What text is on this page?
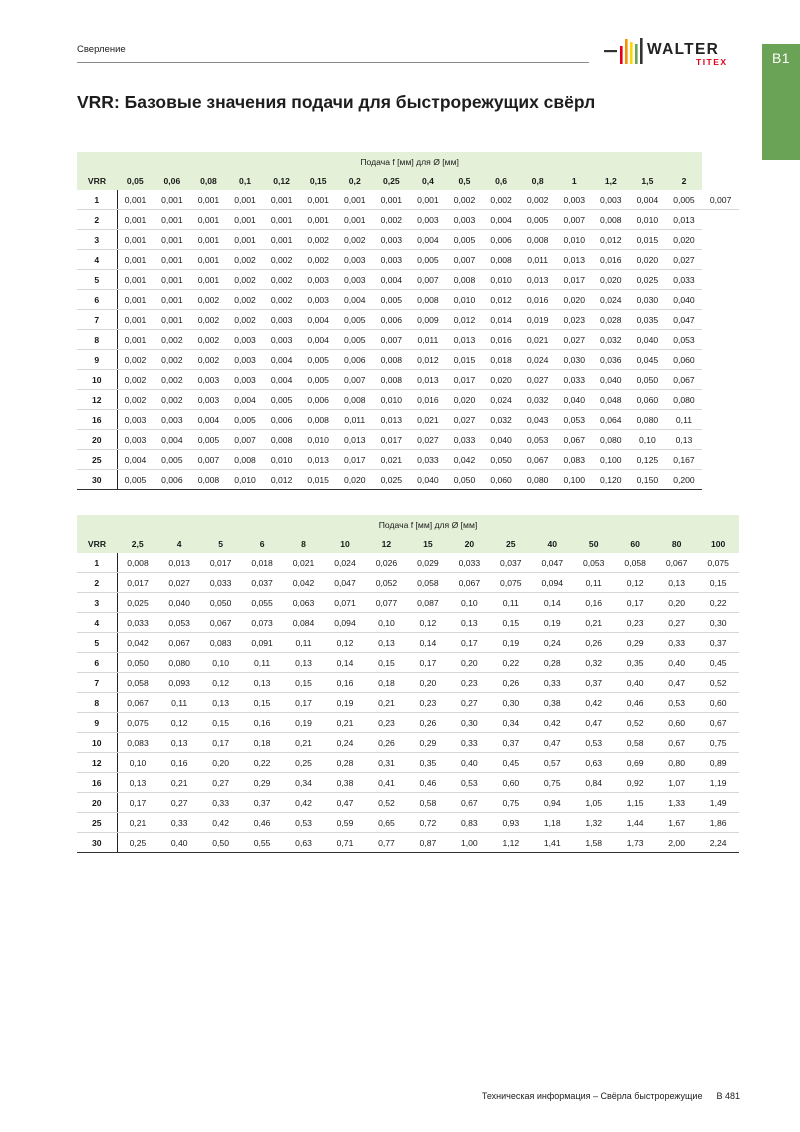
Сверление	WALTER
TITEX	B1
VRR: Базовые значения подачи для быстрорежущих свёрл
	Подача f [мм] для Ø [мм]																
VRR	0,05	0,06	0,08	0,1	0,12	0,15	0,2	0,25	0,4	0,5	0,6	0,8	1	1,2	1,5	2	
1	0,001	0,001	0,001	0,001	0,001	0,001	0,001	0,001	0,001	0,002	0,002	0,002	0,003	0,003	0,004	0,005	0,007
2	0,001	0,001	0,001	0,001	0,001	0,001	0,001	0,002	0,003	0,003	0,004	0,005	0,007	0,008	0,010	0,013	
3	0,001	0,001	0,001	0,001	0,001	0,002	0,002	0,003	0,004	0,005	0,006	0,008	0,010	0,012	0,015	0,020	
4	0,001	0,001	0,001	0,002	0,002	0,002	0,003	0,003	0,005	0,007	0,008	0,011	0,013	0,016	0,020	0,027	
5	0,001	0,001	0,001	0,002	0,002	0,003	0,003	0,004	0,007	0,008	0,010	0,013	0,017	0,020	0,025	0,033	
6	0,001	0,001	0,002	0,002	0,002	0,003	0,004	0,005	0,008	0,010	0,012	0,016	0,020	0,024	0,030	0,040	
7	0,001	0,001	0,002	0,002	0,003	0,004	0,005	0,006	0,009	0,012	0,014	0,019	0,023	0,028	0,035	0,047	
8	0,001	0,002	0,002	0,003	0,003	0,004	0,005	0,007	0,011	0,013	0,016	0,021	0,027	0,032	0,040	0,053	
9	0,002	0,002	0,002	0,003	0,004	0,005	0,006	0,008	0,012	0,015	0,018	0,024	0,030	0,036	0,045	0,060	
10	0,002	0,002	0,003	0,003	0,004	0,005	0,007	0,008	0,013	0,017	0,020	0,027	0,033	0,040	0,050	0,067	
12	0,002	0,002	0,003	0,004	0,005	0,006	0,008	0,010	0,016	0,020	0,024	0,032	0,040	0,048	0,060	0,080	
16	0,003	0,003	0,004	0,005	0,006	0,008	0,011	0,013	0,021	0,027	0,032	0,043	0,053	0,064	0,080	0,11	
20	0,003	0,004	0,005	0,007	0,008	0,010	0,013	0,017	0,027	0,033	0,040	0,053	0,067	0,080	0,10	0,13	
25	0,004	0,005	0,007	0,008	0,010	0,013	0,017	0,021	0,033	0,042	0,050	0,067	0,083	0,100	0,125	0,167	
30	0,005	0,006	0,008	0,010	0,012	0,015	0,020	0,025	0,040	0,050	0,060	0,080	0,100	0,120	0,150	0,200	
	Подача f [мм] для Ø [мм]														
VRR	2,5	4	5	6	8	10	12	15	20	25	40	50	60	80	100
1	0,008	0,013	0,017	0,018	0,021	0,024	0,026	0,029	0,033	0,037	0,047	0,053	0,058	0,067	0,075
2	0,017	0,027	0,033	0,037	0,042	0,047	0,052	0,058	0,067	0,075	0,094	0,11	0,12	0,13	0,15
3	0,025	0,040	0,050	0,055	0,063	0,071	0,077	0,087	0,10	0,11	0,14	0,16	0,17	0,20	0,22
4	0,033	0,053	0,067	0,073	0,084	0,094	0,10	0,12	0,13	0,15	0,19	0,21	0,23	0,27	0,30
5	0,042	0,067	0,083	0,091	0,11	0,12	0,13	0,14	0,17	0,19	0,24	0,26	0,29	0,33	0,37
6	0,050	0,080	0,10	0,11	0,13	0,14	0,15	0,17	0,20	0,22	0,28	0,32	0,35	0,40	0,45
7	0,058	0,093	0,12	0,13	0,15	0,16	0,18	0,20	0,23	0,26	0,33	0,37	0,40	0,47	0,52
8	0,067	0,11	0,13	0,15	0,17	0,19	0,21	0,23	0,27	0,30	0,38	0,42	0,46	0,53	0,60
9	0,075	0,12	0,15	0,16	0,19	0,21	0,23	0,26	0,30	0,34	0,42	0,47	0,52	0,60	0,67
10	0,083	0,13	0,17	0,18	0,21	0,24	0,26	0,29	0,33	0,37	0,47	0,53	0,58	0,67	0,75
12	0,10	0,16	0,20	0,22	0,25	0,28	0,31	0,35	0,40	0,45	0,57	0,63	0,69	0,80	0,89
16	0,13	0,21	0,27	0,29	0,34	0,38	0,41	0,46	0,53	0,60	0,75	0,84	0,92	1,07	1,19
20	0,17	0,27	0,33	0,37	0,42	0,47	0,52	0,58	0,67	0,75	0,94	1,05	1,15	1,33	1,49
25	0,21	0,33	0,42	0,46	0,53	0,59	0,65	0,72	0,83	0,93	1,18	1,32	1,44	1,67	1,86
30	0,25	0,40	0,50	0,55	0,63	0,71	0,77	0,87	1,00	1,12	1,41	1,58	1,73	2,00	2,24
Техническая информация – Свёрла быстрорежущие B 481
